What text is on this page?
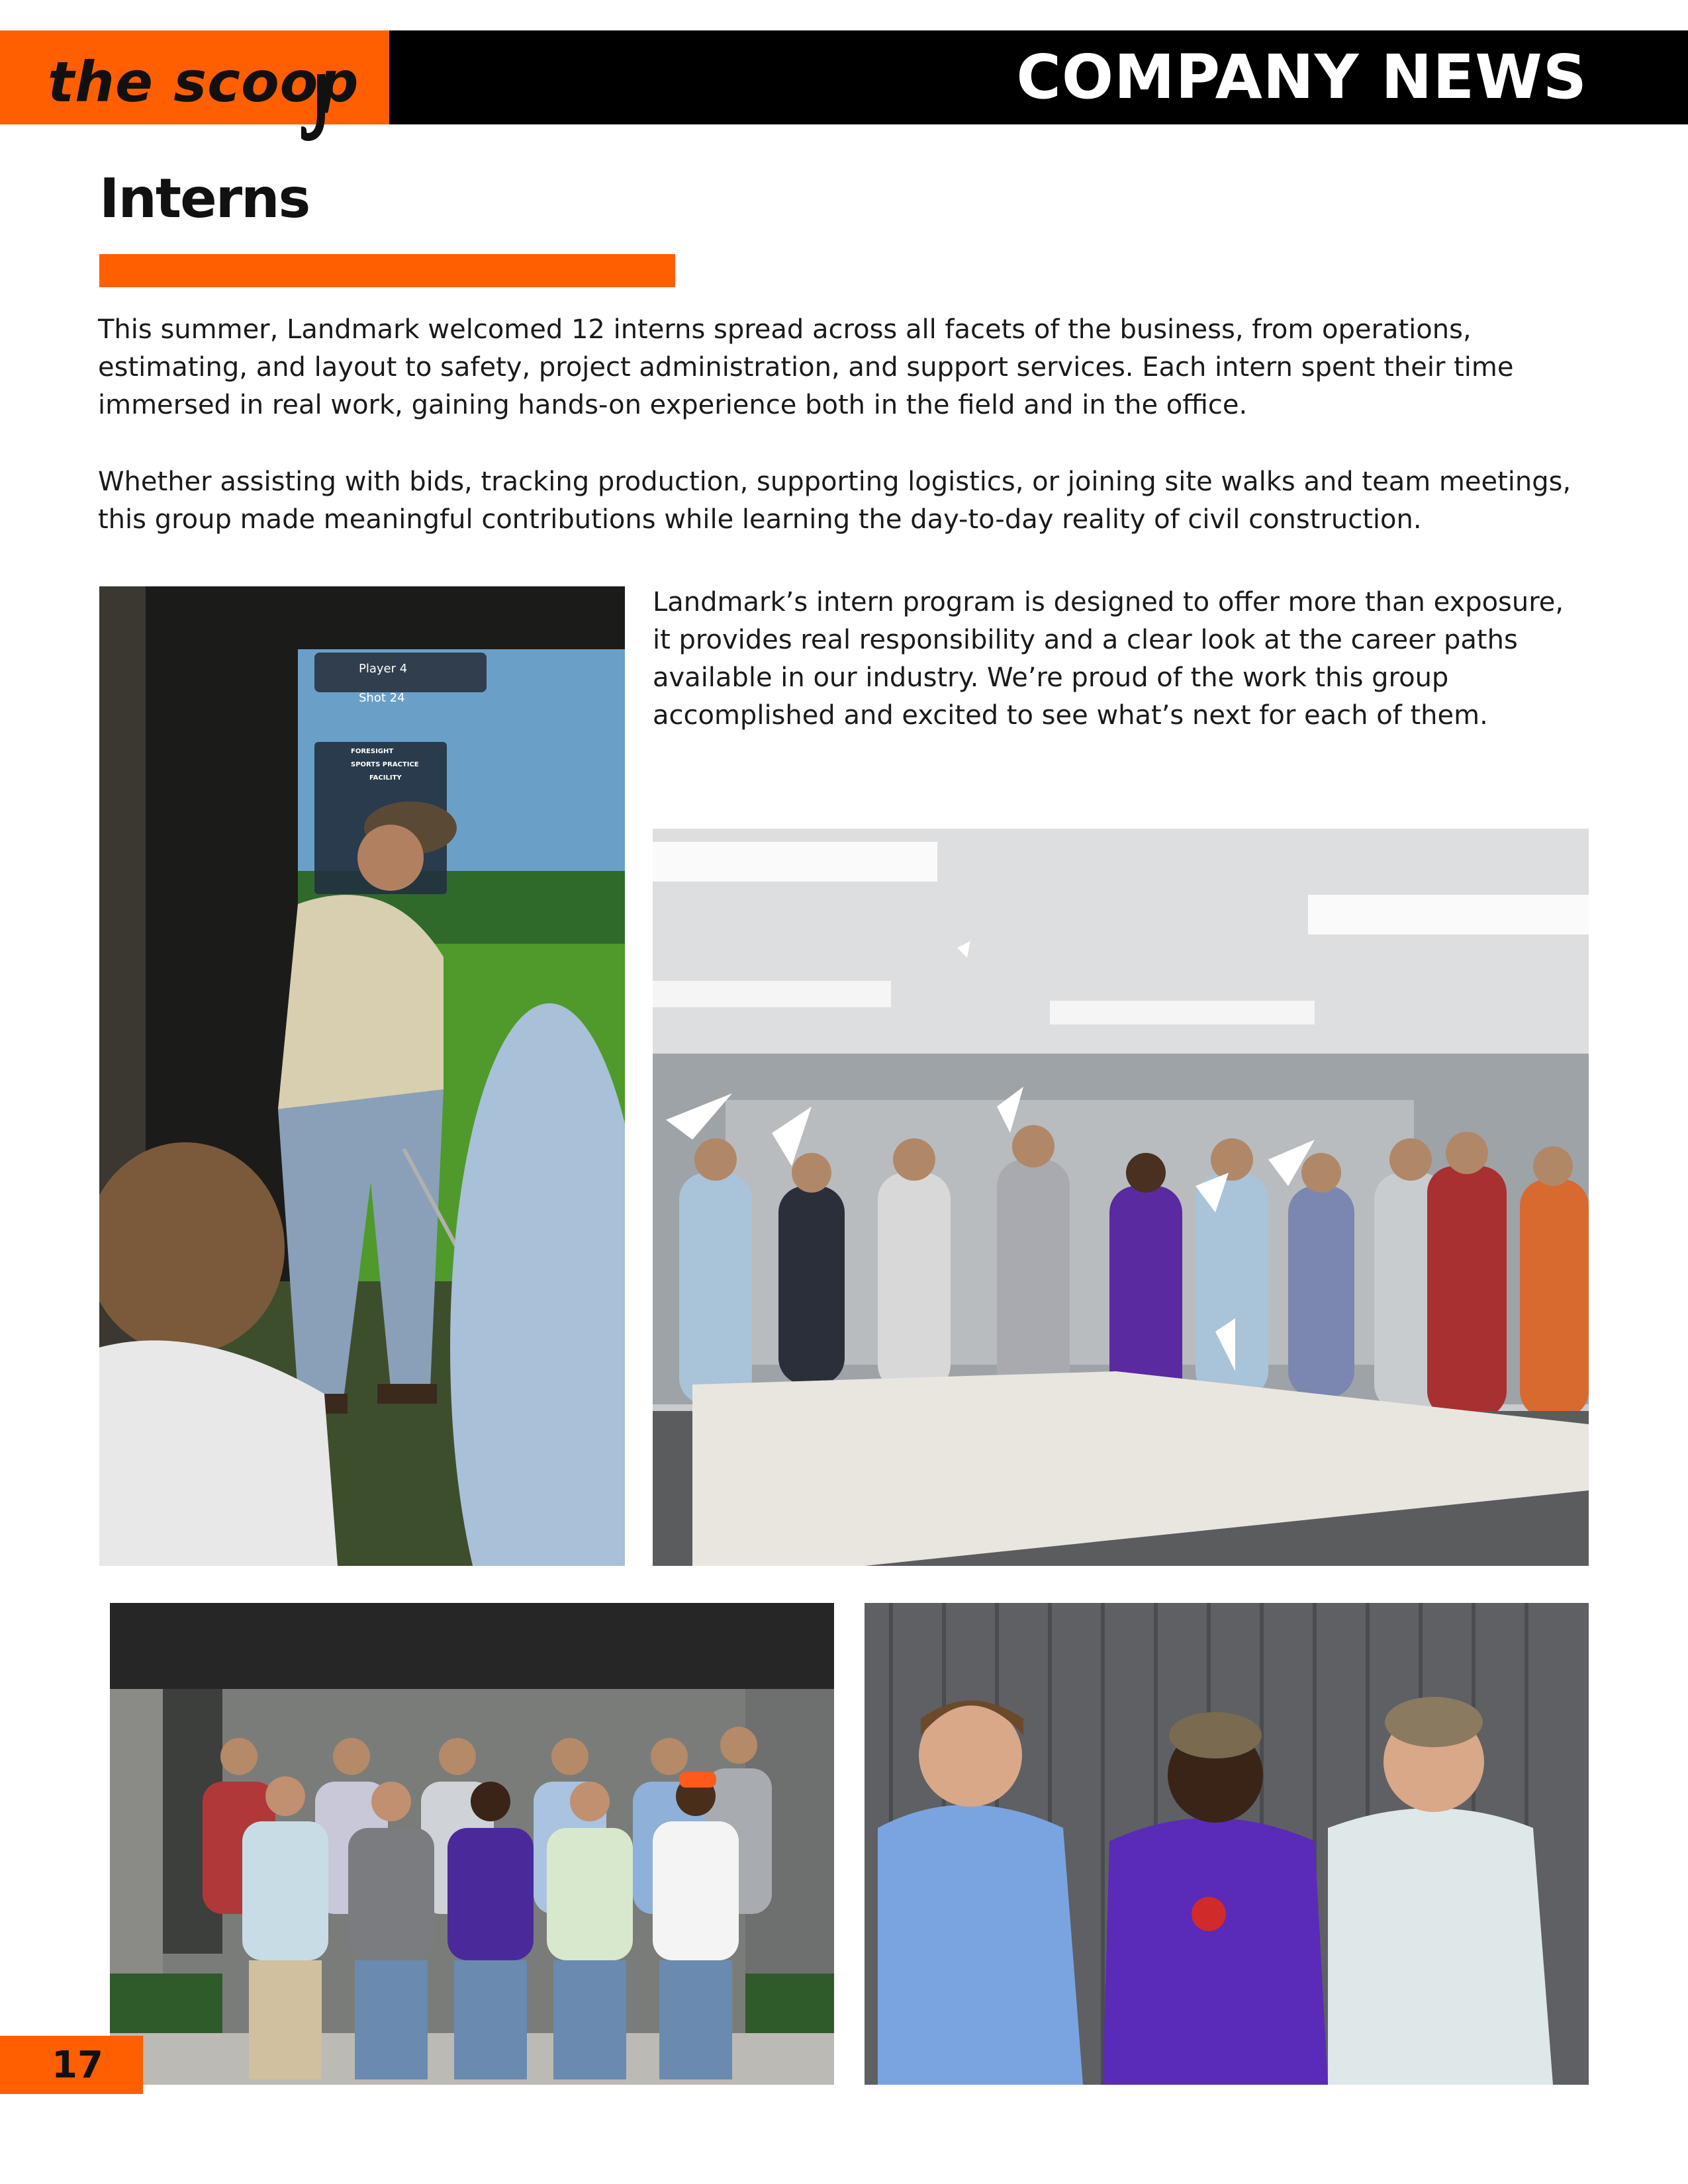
the scoop	COMPANY NEWS
Interns

This summer, Landmark welcomed 12 interns spread across all facets of the business, from operations, estimating, and layout to safety, project administration, and support services. Each intern spent their time immersed in real work, gaining hands-on experience both in the field and in the office.

Whether assisting with bids, tracking production, supporting logistics, or joining site walks and team meetings, this group made meaningful contributions while learning the day-to-day reality of civil construction.

Landmark’s intern program is designed to offer more than exposure, it provides real responsibility and a clear look at the career paths available in our industry. We’re proud of the work this group accomplished and excited to see what’s next for each of them.

Player 4
Shot 24
FORESIGHT
SPORTS PRACTICE
FACILITY
17
